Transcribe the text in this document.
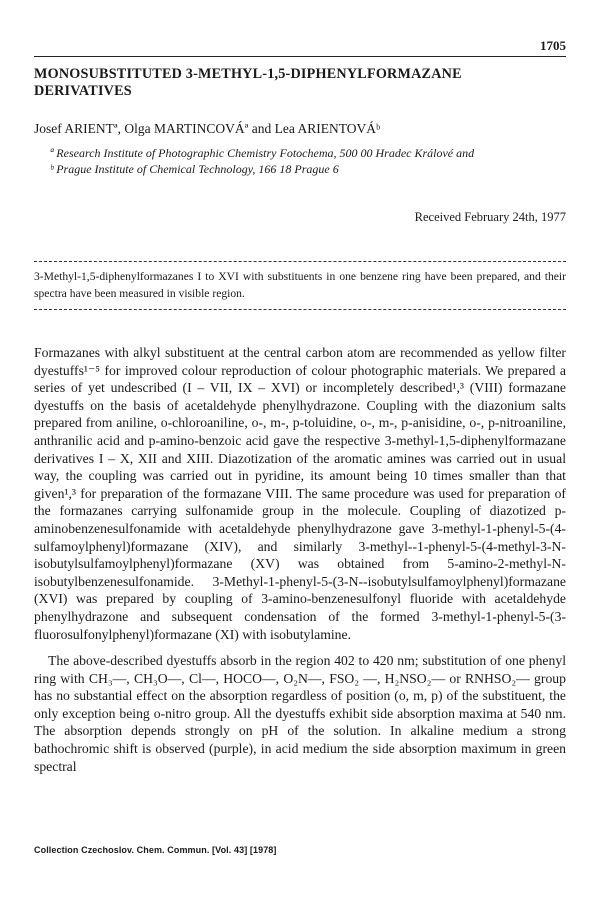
1705
MONOSUBSTITUTED 3-METHYL-1,5-DIPHENYLFORMAZANE DERIVATIVES
Josef ARIENTª, Olga MARTINCOVÁª and Lea ARIENTOVÁᵇ
ª Research Institute of Photographic Chemistry Fotochema, 500 00 Hradec Králové and
ᵇ Prague Institute of Chemical Technology, 166 18 Prague 6
Received February 24th, 1977
3-Methyl-1,5-diphenylformazanes I to XVI with substituents in one benzene ring have been prepared, and their spectra have been measured in visible region.

Formazanes with alkyl substituent at the central carbon atom are recommended as yellow filter dyestuffs¹⁻⁵ for improved colour reproduction of colour photographic materials. We prepared a series of yet undescribed (I – VII, IX – XVI) or incompletely described¹,³ (VIII) formazane dyestuffs on the basis of acetaldehyde phenylhydrazone. Coupling with the diazonium salts prepared from aniline, o-chloroaniline, o-, m-, p-toluidine, o-, m-, p-anisidine, o-, p-nitroaniline, anthranilic acid and p-amino-benzoic acid gave the respective 3-methyl-1,5-diphenylformazane derivatives I – X, XII and XIII. Diazotization of the aromatic amines was carried out in usual way, the coupling was carried out in pyridine, its amount being 10 times smaller than that given¹,³ for preparation of the formazane VIII. The same procedure was used for preparation of the formazanes carrying sulfonamide group in the molecule. Coupling of diazotized p-aminobenzenesulfonamide with acetaldehyde phenylhydrazone gave 3-methyl-1-phenyl-5-(4-sulfamoylphenyl)formazane (XIV), and similarly 3-methyl--1-phenyl-5-(4-methyl-3-N-isobutylsulfamoylphenyl)formazane (XV) was obtained from 5-amino-2-methyl-N-isobutylbenzenesulfonamide. 3-Methyl-1-phenyl-5-(3-N--isobutylsulfamoylphenyl)formazane (XVI) was prepared by coupling of 3-amino-benzenesulfonyl fluoride with acetaldehyde phenylhydrazone and subsequent condensation of the formed 3-methyl-1-phenyl-5-(3-fluorosulfonylphenyl)formazane (XI) with isobutylamine.

The above-described dyestuffs absorb in the region 402 to 420 nm; substitution of one phenyl ring with CH₃—, CH₃O—, Cl—, HOCO—, O₂N—, FSO₂ —, H₂NSO₂— or RNHSO₂— group has no substantial effect on the absorption regardless of position (o, m, p) of the substituent, the only exception being o-nitro group. All the dyestuffs exhibit side absorption maxima at 540 nm. The absorption depends strongly on pH of the solution. In alkaline medium a strong bathochromic shift is observed (purple), in acid medium the side absorption maximum in green spectral

Collection Czechoslov. Chem. Commun. [Vol. 43] [1978]
